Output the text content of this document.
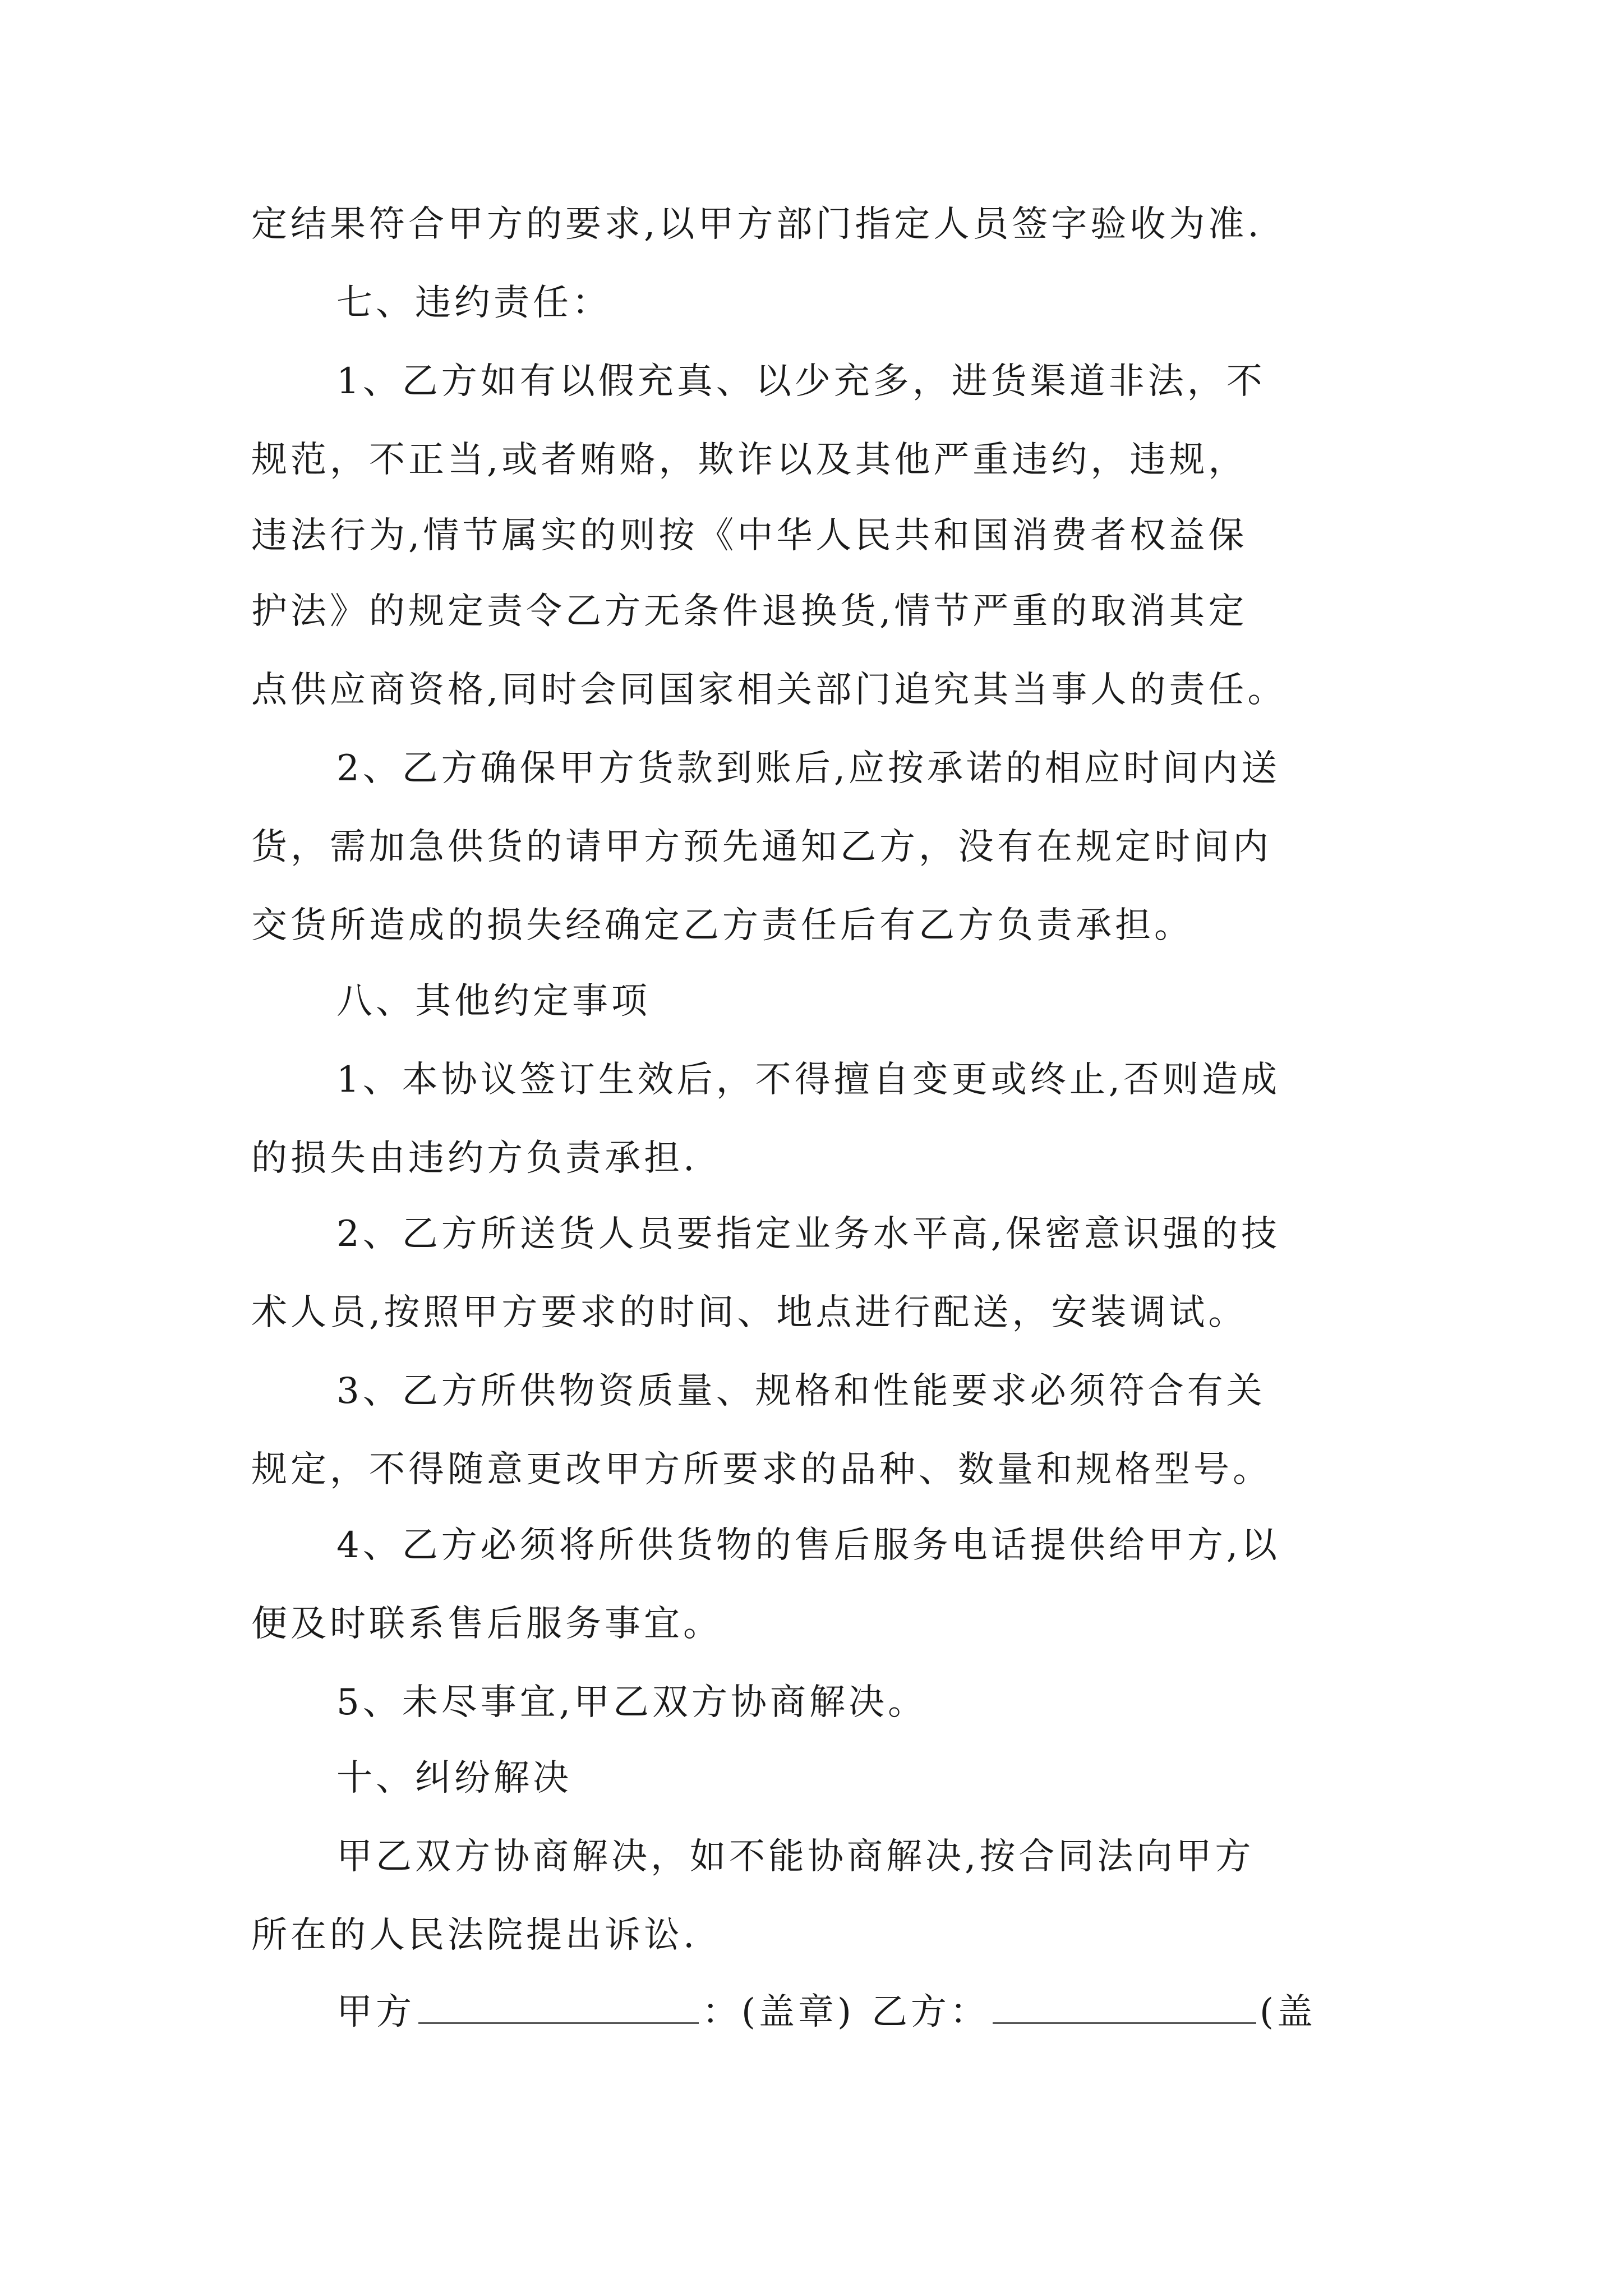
定结果符合甲方的要求,以甲方部门指定人员签字验收为准.
七、违约责任：
1、乙方如有以假充真、以少充多，进货渠道非法，不
规范，不正当,或者贿赂，欺诈以及其他严重违约，违规，
违法行为,情节属实的则按《中华人民共和国消费者权益保
护法》的规定责令乙方无条件退换货,情节严重的取消其定
点供应商资格,同时会同国家相关部门追究其当事人的责任。
2、乙方确保甲方货款到账后,应按承诺的相应时间内送
货，需加急供货的请甲方预先通知乙方，没有在规定时间内
交货所造成的损失经确定乙方责任后有乙方负责承担。
八、其他约定事项
1、本协议签订生效后，不得擅自变更或终止,否则造成
的损失由违约方负责承担.
2、乙方所送货人员要指定业务水平高,保密意识强的技
术人员,按照甲方要求的时间、地点进行配送，安装调试。
3、乙方所供物资质量、规格和性能要求必须符合有关
规定，不得随意更改甲方所要求的品种、数量和规格型号。
4、乙方必须将所供货物的售后服务电话提供给甲方,以
便及时联系售后服务事宜。
5、未尽事宜,甲乙双方协商解决。
十、纠纷解决
甲乙双方协商解决，如不能协商解决,按合同法向甲方
所在的人民法院提出诉讼.
甲方	：(盖章) 乙方：	(盖
